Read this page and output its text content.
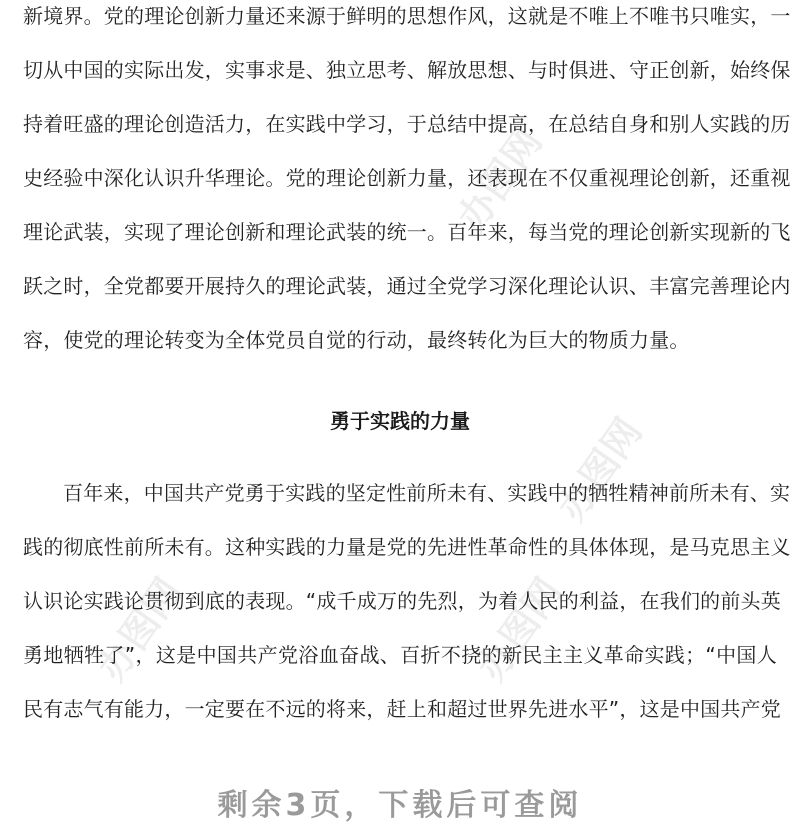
办图网
办图网
办图网	办图网
新境界。党的理论创新力量还来源于鲜明的思想作风，这就是不唯上不唯书只唯实，一
切从中国的实际出发，实事求是、独立思考、解放思想、与时俱进、守正创新，始终保
持着旺盛的理论创造活力，在实践中学习，于总结中提高，在总结自身和别人实践的历
史经验中深化认识升华理论。党的理论创新力量，还表现在不仅重视理论创新，还重视
理论武装，实现了理论创新和理论武装的统一。百年来，每当党的理论创新实现新的飞
跃之时，全党都要开展持久的理论武装，通过全党学习深化理论认识、丰富完善理论内
容，使党的理论转变为全体党员自觉的行动，最终转化为巨大的物质力量。
勇于实践的力量
百年来，中国共产党勇于实践的坚定性前所未有、实践中的牺牲精神前所未有、实
践的彻底性前所未有。这种实践的力量是党的先进性革命性的具体体现，是马克思主义
认识论实践论贯彻到底的表现。“成千成万的先烈，为着人民的利益，在我们的前头英
勇地牺牲了”，这是中国共产党浴血奋战、百折不挠的新民主主义革命实践；“中国人
民有志气有能力，一定要在不远的将来，赶上和超过世界先进水平”，这是中国共产党
剩余3页，下载后可查阅
